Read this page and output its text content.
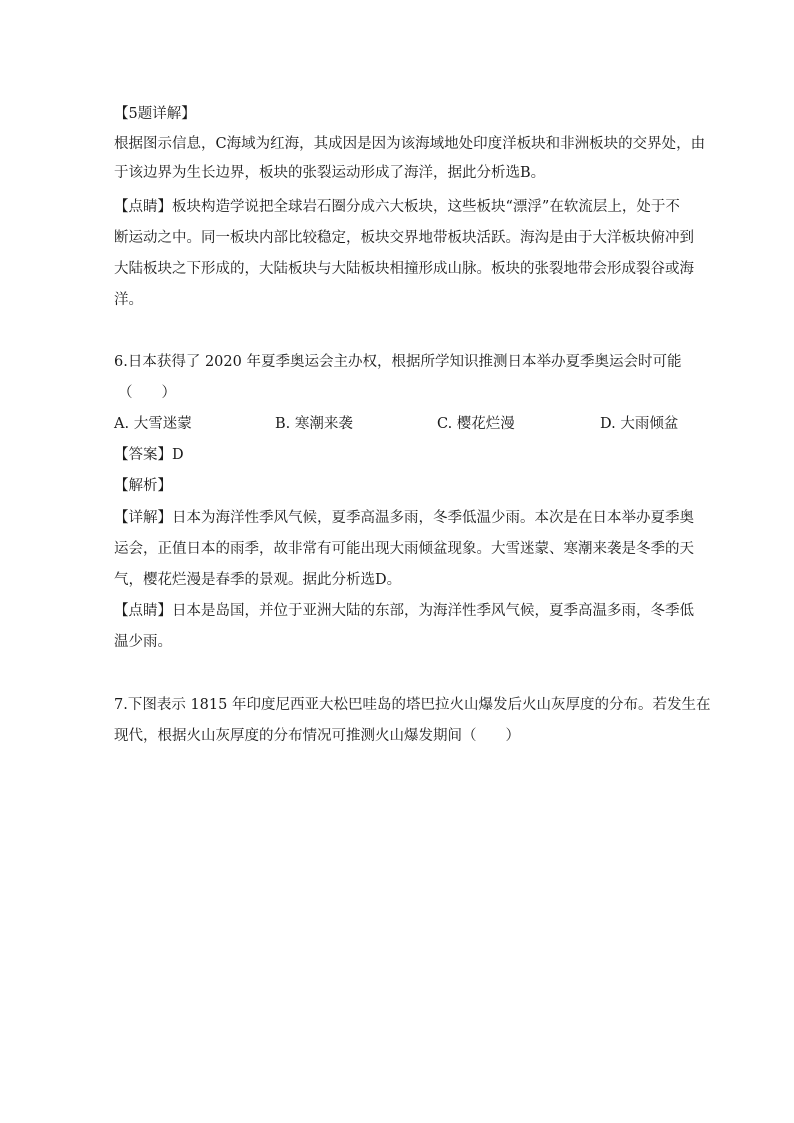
【5题详解】
根据图示信息，C海域为红海，其成因是因为该海域地处印度洋板块和非洲板块的交界处，由
于该边界为生长边界，板块的张裂运动形成了海洋，据此分析选B。
【点睛】板块构造学说把全球岩石圈分成六大板块，这些板块“漂浮”在软流层上，处于不
断运动之中。同一板块内部比较稳定，板块交界地带板块活跃。海沟是由于大洋板块俯冲到
大陆板块之下形成的，大陆板块与大陆板块相撞形成山脉。板块的张裂地带会形成裂谷或海
洋。
6.日本获得了 2020 年夏季奥运会主办权，根据所学知识推测日本举办夏季奥运会时可能
（　　）
A. 大雪迷蒙	B. 寒潮来袭	C. 樱花烂漫	D. 大雨倾盆
【答案】D
【解析】
【详解】日本为海洋性季风气候，夏季高温多雨，冬季低温少雨。本次是在日本举办夏季奥
运会，正值日本的雨季，故非常有可能出现大雨倾盆现象。大雪迷蒙、寒潮来袭是冬季的天
气，樱花烂漫是春季的景观。据此分析选D。
【点睛】日本是岛国，并位于亚洲大陆的东部，为海洋性季风气候，夏季高温多雨，冬季低
温少雨。
7.下图表示 1815 年印度尼西亚大松巴哇岛的塔巴拉火山爆发后火山灰厚度的分布。若发生在
现代，根据火山灰厚度的分布情况可推测火山爆发期间（　　）
